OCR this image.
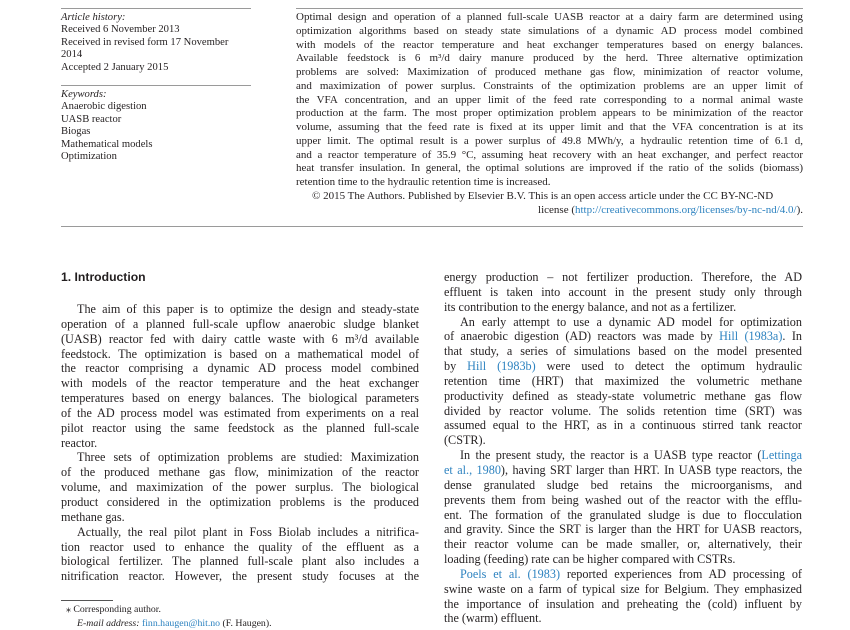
Article history:
Received 6 November 2013
Received in revised form 17 November 2014
Accepted 2 January 2015
Keywords:
Anaerobic digestion
UASB reactor
Biogas
Mathematical models
Optimization
Optimal design and operation of a planned full-scale UASB reactor at a dairy farm are determined using
optimization algorithms based on steady state simulations of a dynamic AD process model combined
with models of the reactor temperature and heat exchanger temperatures based on energy balances.
Available feedstock is 6 m³/d dairy manure produced by the herd. Three alternative optimization
problems are solved: Maximization of produced methane gas flow, minimization of reactor volume,
and maximization of power surplus. Constraints of the optimization problems are an upper limit of
the VFA concentration, and an upper limit of the feed rate corresponding to a normal animal waste
production at the farm. The most proper optimization problem appears to be minimization of the reactor
volume, assuming that the feed rate is fixed at its upper limit and that the VFA concentration is at its
upper limit. The optimal result is a power surplus of 49.8 MWh/y, a hydraulic retention time of 6.1 d,
and a reactor temperature of 35.9 °C, assuming heat recovery with an heat exchanger, and perfect reactor
heat transfer insulation. In general, the optimal solutions are improved if the ratio of the solids (biomass)
retention time to the hydraulic retention time is increased.
© 2015 The Authors. Published by Elsevier B.V. This is an open access article under the CC BY-NC-ND
license (http://creativecommons.org/licenses/by-nc-nd/4.0/).
1. Introduction
The aim of this paper is to optimize the design and steady-state
operation of a planned full-scale upflow anaerobic sludge blanket
(UASB) reactor fed with dairy cattle waste with 6 m³/d available
feedstock. The optimization is based on a mathematical model of
the reactor comprising a dynamic AD process model combined
with models of the reactor temperature and the heat exchanger
temperatures based on energy balances. The biological parameters
of the AD process model was estimated from experiments on a real
pilot reactor using the same feedstock as the planned full-scale
reactor.
Three sets of optimization problems are studied: Maximization
of the produced methane gas flow, minimization of the reactor
volume, and maximization of the power surplus. The biological
product considered in the optimization problems is the produced
methane gas.
Actually, the real pilot plant in Foss Biolab includes a nitrifica-
tion reactor used to enhance the quality of the effluent as a
biological fertilizer. The planned full-scale plant also includes a
nitrification reactor. However, the present study focuses at the
energy production – not fertilizer production. Therefore, the AD
effluent is taken into account in the present study only through
its contribution to the energy balance, and not as a fertilizer.
An early attempt to use a dynamic AD model for optimization
of anaerobic digestion (AD) reactors was made by Hill (1983a). In
that study, a series of simulations based on the model presented
by Hill (1983b) were used to detect the optimum hydraulic
retention time (HRT) that maximized the volumetric methane
productivity defined as steady-state volumetric methane gas flow
divided by reactor volume. The solids retention time (SRT) was
assumed equal to the HRT, as in a continuous stirred tank reactor
(CSTR).
In the present study, the reactor is a UASB type reactor (Lettinga
et al., 1980), having SRT larger than HRT. In UASB type reactors, the
dense granulated sludge bed retains the microorganisms, and
prevents them from being washed out of the reactor with the efflu-
ent. The formation of the granulated sludge is due to flocculation
and gravity. Since the SRT is larger than the HRT for UASB reactors,
their reactor volume can be made smaller, or, alternatively, their
loading (feeding) rate can be higher compared with CSTRs.
Poels et al. (1983) reported experiences from AD processing of
swine waste on a farm of typical size for Belgium. They emphasized
the importance of insulation and preheating the (cold) influent by
the (warm) effluent.
⁎ Corresponding author.
E-mail address: finn.haugen@hit.no (F. Haugen).
